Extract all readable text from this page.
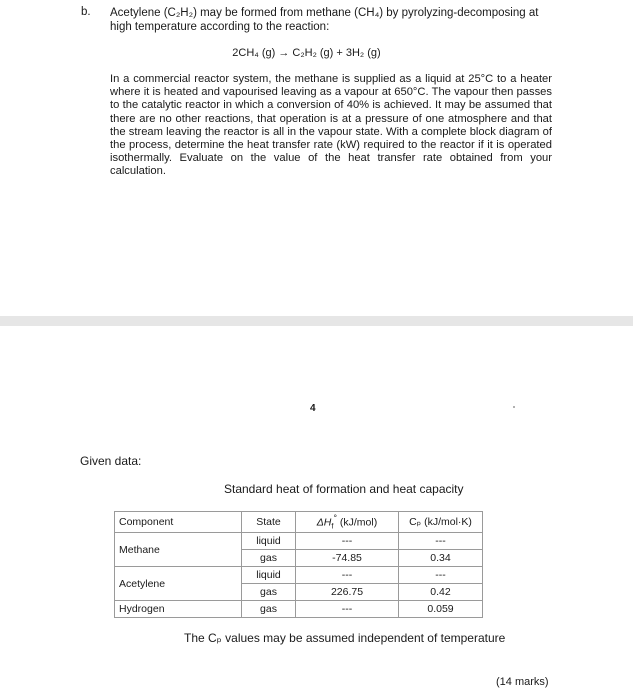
b. Acetylene (C₂H₂) may be formed from methane (CH₄) by pyrolyzing-decomposing at
high temperature according to the reaction:
2CH₄ (g) → C₂H₂ (g) + 3H₂ (g)
In a commercial reactor system, the methane is supplied as a liquid at 25°C to a heater where it is heated and vapourised leaving as a vapour at 650°C. The vapour then passes to the catalytic reactor in which a conversion of 40% is achieved. It may be assumed that there are no other reactions, that operation is at a pressure of one atmosphere and that the stream leaving the reactor is all in the vapour state. With a complete block diagram of the process, determine the heat transfer rate (kW) required to the reactor if it is operated isothermally. Evaluate on the value of the heat transfer rate obtained from your calculation.
4
Given data:
Standard heat of formation and heat capacity
Component	State	$\Delta H_f^\circ$ (kJ/mol)	Cₚ (kJ/mol·K)
Methane	liquid	---	---
	gas	-74.85	0.34
Acetylene	liquid	---	---
	gas	226.75	0.42
Hydrogen	gas	---	0.059
The Cₚ values may be assumed independent of temperature
(14 marks)
